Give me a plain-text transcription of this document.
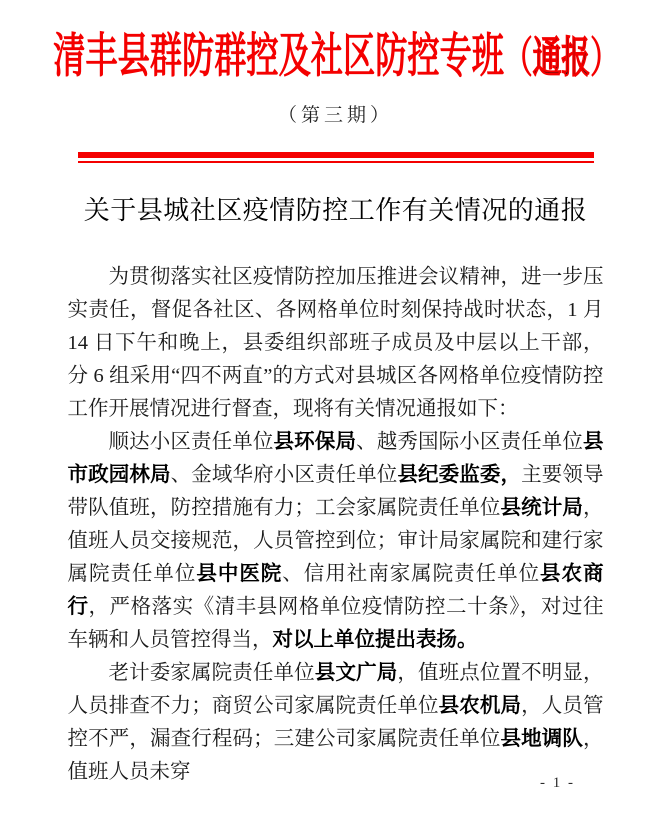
清丰县群防群控及社区防控专班（通报）
（第三期）
关于县城社区疫情防控工作有关情况的通报

为贯彻落实社区疫情防控加压推进会议精神，进一步压实责任，督促各社区、各网格单位时刻保持战时状态，1 月 14 日下午和晚上，县委组织部班子成员及中层以上干部，分 6 组采用“四不两直”的方式对县城区各网格单位疫情防控工作开展情况进行督查，现将有关情况通报如下：

顺达小区责任单位县环保局、越秀国际小区责任单位县市政园林局、金域华府小区责任单位县纪委监委，主要领导带队值班，防控措施有力；工会家属院责任单位县统计局，值班人员交接规范，人员管控到位；审计局家属院和建行家属院责任单位县中医院、信用社南家属院责任单位县农商行，严格落实《清丰县网格单位疫情防控二十条》，对过往车辆和人员管控得当，对以上单位提出表扬。

老计委家属院责任单位县文广局，值班点位置不明显，人员排查不力；商贸公司家属院责任单位县农机局，人员管控不严，漏查行程码；三建公司家属院责任单位县地调队，值班人员未穿	- 1 -
